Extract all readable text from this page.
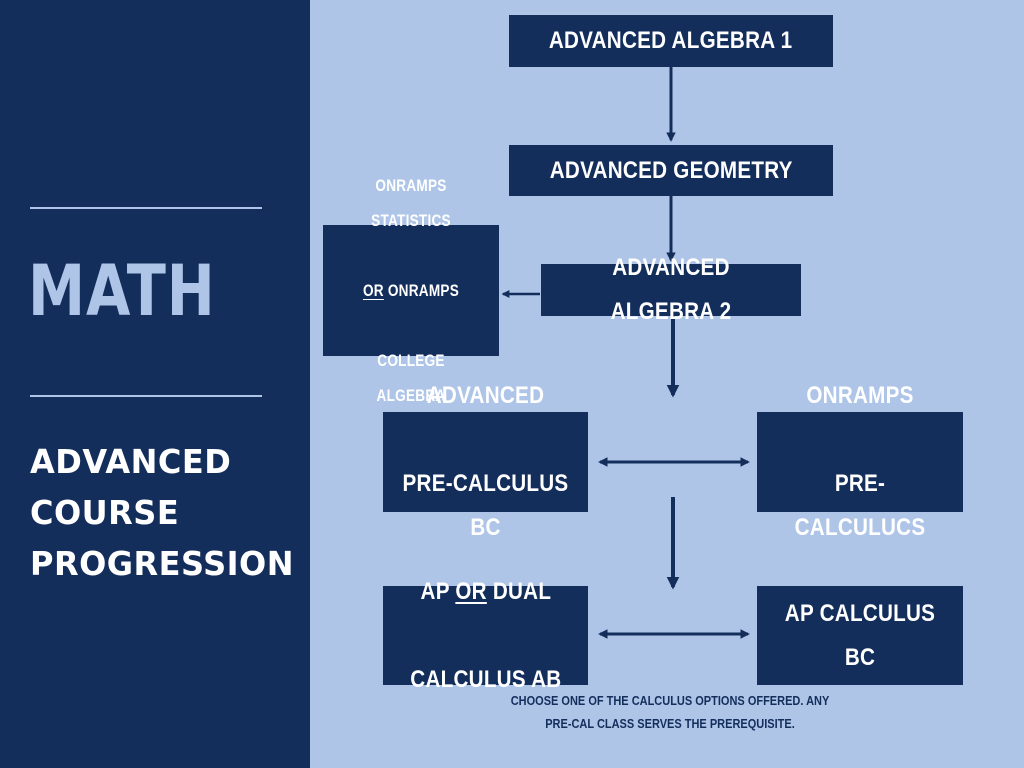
MATH
ADVANCED
COURSE
PROGRESSION
ADVANCED ALGEBRA 1
ADVANCED GEOMETRY
ADVANCED ALGEBRA 2

ONRAMPS STATISTICS

OR ONRAMPS

COLLEGE ALGEBRA

ADVANCED

PRE-CALCULUS BC

ONRAMPS

PRE-CALCULUCS

AP OR DUAL

CALCULUS AB

AP CALCULUS BC
CHOOSE ONE OF THE CALCULUS OPTIONS OFFERED. ANY
PRE-CAL CLASS SERVES THE PREREQUISITE.
